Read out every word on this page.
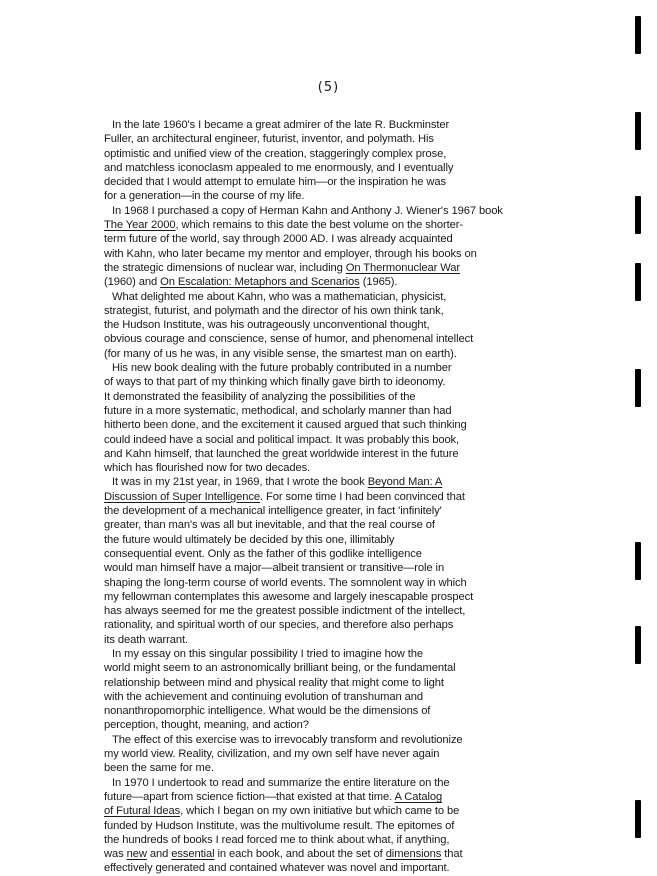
(5)
In the late 1960's I became a great admirer of the late R. Buckminster
Fuller, an architectural engineer, futurist, inventor, and polymath. His
optimistic and unified view of the creation, staggeringly complex prose,
and matchless iconoclasm appealed to me enormously, and I eventually
decided that I would attempt to emulate him—or the inspiration he was
for a generation—in the course of my life.
In 1968 I purchased a copy of Herman Kahn and Anthony J. Wiener's 1967 book
The Year 2000, which remains to this date the best volume on the shorter-
term future of the world, say through 2000 AD. I was already acquainted
with Kahn, who later became my mentor and employer, through his books on
the strategic dimensions of nuclear war, including On Thermonuclear War
(1960) and On Escalation: Metaphors and Scenarios (1965).
What delighted me about Kahn, who was a mathematician, physicist,
strategist, futurist, and polymath and the director of his own think tank,
the Hudson Institute, was his outrageously unconventional thought,
obvious courage and conscience, sense of humor, and phenomenal intellect
(for many of us he was, in any visible sense, the smartest man on earth).
His new book dealing with the future probably contributed in a number
of ways to that part of my thinking which finally gave birth to ideonomy.
It demonstrated the feasibility of analyzing the possibilities of the
future in a more systematic, methodical, and scholarly manner than had
hitherto been done, and the excitement it caused argued that such thinking
could indeed have a social and political impact. It was probably this book,
and Kahn himself, that launched the great worldwide interest in the future
which has flourished now for two decades.
It was in my 21st year, in 1969, that I wrote the book Beyond Man: A
Discussion of Super Intelligence. For some time I had been convinced that
the development of a mechanical intelligence greater, in fact 'infinitely'
greater, than man's was all but inevitable, and that the real course of
the future would ultimately be decided by this one, illimitably
consequential event. Only as the father of this godlike intelligence
would man himself have a major—albeit transient or transitive—role in
shaping the long-term course of world events. The somnolent way in which
my fellowman contemplates this awesome and largely inescapable prospect
has always seemed for me the greatest possible indictment of the intellect,
rationality, and spiritual worth of our species, and therefore also perhaps
its death warrant.
In my essay on this singular possibility I tried to imagine how the
world might seem to an astronomically brilliant being, or the fundamental
relationship between mind and physical reality that might come to light
with the achievement and continuing evolution of transhuman and
nonanthropomorphic intelligence. What would be the dimensions of
perception, thought, meaning, and action?
The effect of this exercise was to irrevocably transform and revolutionize
my world view. Reality, civilization, and my own self have never again
been the same for me.
In 1970 I undertook to read and summarize the entire literature on the
future—apart from science fiction—that existed at that time. A Catalog
of Futural Ideas, which I began on my own initiative but which came to be
funded by Hudson Institute, was the multivolume result. The epitomes of
the hundreds of books I read forced me to think about what, if anything,
was new and essential in each book, and about the set of dimensions that
effectively generated and contained whatever was novel and important.
